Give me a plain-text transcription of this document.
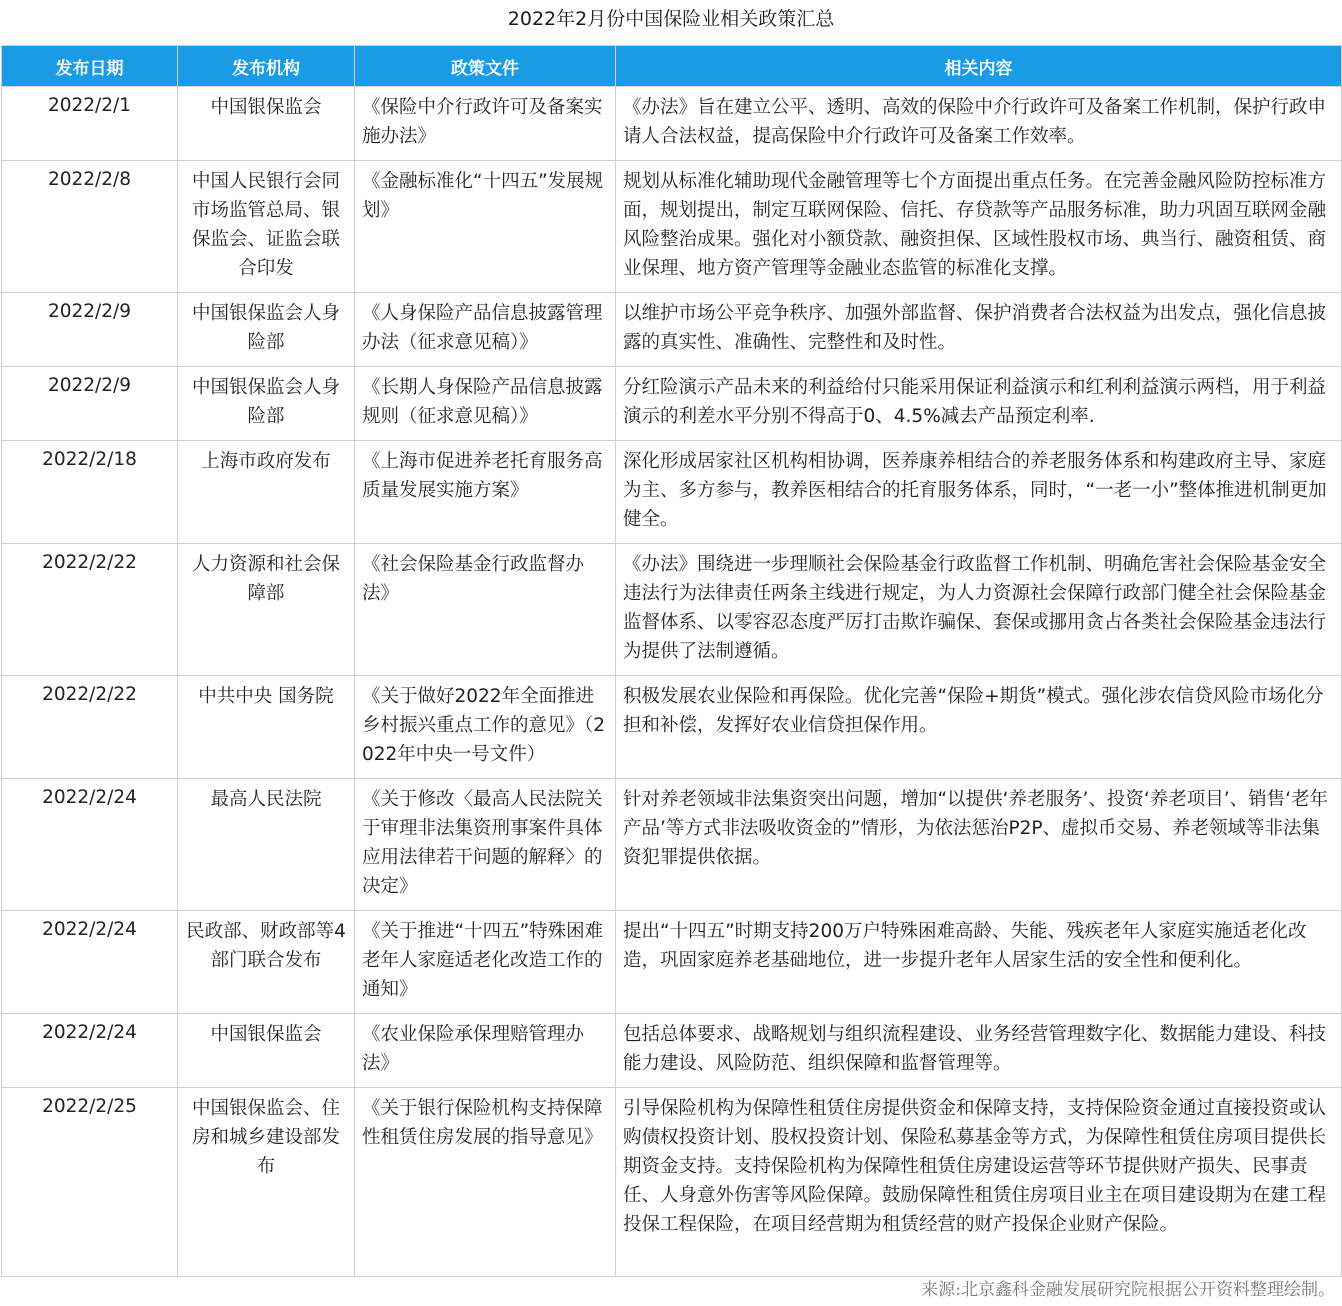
2022年2月份中国保险业相关政策汇总
发布日期	发布机构	政策文件	相关内容
2022/2/1	中国银保监会	《保险中介行政许可及备案实施办法》	《办法》旨在建立公平、透明、高效的保险中介行政许可及备案工作机制，保护行政申请人合法权益，提高保险中介行政许可及备案工作效率。
2022/2/8	中国人民银行会同市场监管总局、银保监会、证监会联合印发	《金融标准化“十四五”发展规划》	规划从标准化辅助现代金融管理等七个方面提出重点任务。在完善金融风险防控标准方面，规划提出，制定互联网保险、信托、存贷款等产品服务标准，助力巩固互联网金融风险整治成果。强化对小额贷款、融资担保、区域性股权市场、典当行、融资租赁、商业保理、地方资产管理等金融业态监管的标准化支撑。
2022/2/9	中国银保监会人身险部	《人身保险产品信息披露管理办法（征求意见稿）》	以维护市场公平竞争秩序、加强外部监督、保护消费者合法权益为出发点，强化信息披露的真实性、准确性、完整性和及时性。
2022/2/9	中国银保监会人身险部	《长期人身保险产品信息披露规则（征求意见稿）》	分红险演示产品未来的利益给付只能采用保证利益演示和红利利益演示两档，用于利益演示的利差水平分别不得高于0、4.5%减去产品预定利率.
2022/2/18	上海市政府发布	《上海市促进养老托育服务高质量发展实施方案》	深化形成居家社区机构相协调，医养康养相结合的养老服务体系和构建政府主导、家庭为主、多方参与，教养医相结合的托育服务体系，同时，“一老一小”整体推进机制更加健全。
2022/2/22	人力资源和社会保障部	《社会保险基金行政监督办法》	《办法》围绕进一步理顺社会保险基金行政监督工作机制、明确危害社会保险基金安全违法行为法律责任两条主线进行规定，为人力资源社会保障行政部门健全社会保险基金监督体系、以零容忍态度严厉打击欺诈骗保、套保或挪用贪占各类社会保险基金违法行为提供了法制遵循。
2022/2/22	中共中央 国务院	《关于做好2022年全面推进乡村振兴重点工作的意见》（2022年中央一号文件）	积极发展农业保险和再保险。优化完善“保险+期货”模式。强化涉农信贷风险市场化分担和补偿，发挥好农业信贷担保作用。
2022/2/24	最高人民法院	《关于修改〈最高人民法院关于审理非法集资刑事案件具体应用法律若干问题的解释〉的决定》	针对养老领域非法集资突出问题，增加“以提供‘养老服务’、投资‘养老项目’、销售‘老年产品’等方式非法吸收资金的”情形，为依法惩治P2P、虚拟币交易、养老领域等非法集资犯罪提供依据。
2022/2/24	民政部、财政部等4部门联合发布	《关于推进“十四五”特殊困难老年人家庭适老化改造工作的通知》	提出“十四五”时期支持200万户特殊困难高龄、失能、残疾老年人家庭实施适老化改造，巩固家庭养老基础地位，进一步提升老年人居家生活的安全性和便利化。
2022/2/24	中国银保监会	《农业保险承保理赔管理办法》	包括总体要求、战略规划与组织流程建设、业务经营管理数字化、数据能力建设、科技能力建设、风险防范、组织保障和监督管理等。
2022/2/25	中国银保监会、住房和城乡建设部发布	《关于银行保险机构支持保障性租赁住房发展的指导意见》	引导保险机构为保障性租赁住房提供资金和保障支持，支持保险资金通过直接投资或认购债权投资计划、股权投资计划、保险私募基金等方式，为保障性租赁住房项目提供长期资金支持。支持保险机构为保障性租赁住房建设运营等环节提供财产损失、民事责任、人身意外伤害等风险保障。鼓励保障性租赁住房项目业主在项目建设期为在建工程投保工程保险，在项目经营期为租赁经营的财产投保企业财产保险。
来源:北京鑫科金融发展研究院根据公开资料整理绘制。
